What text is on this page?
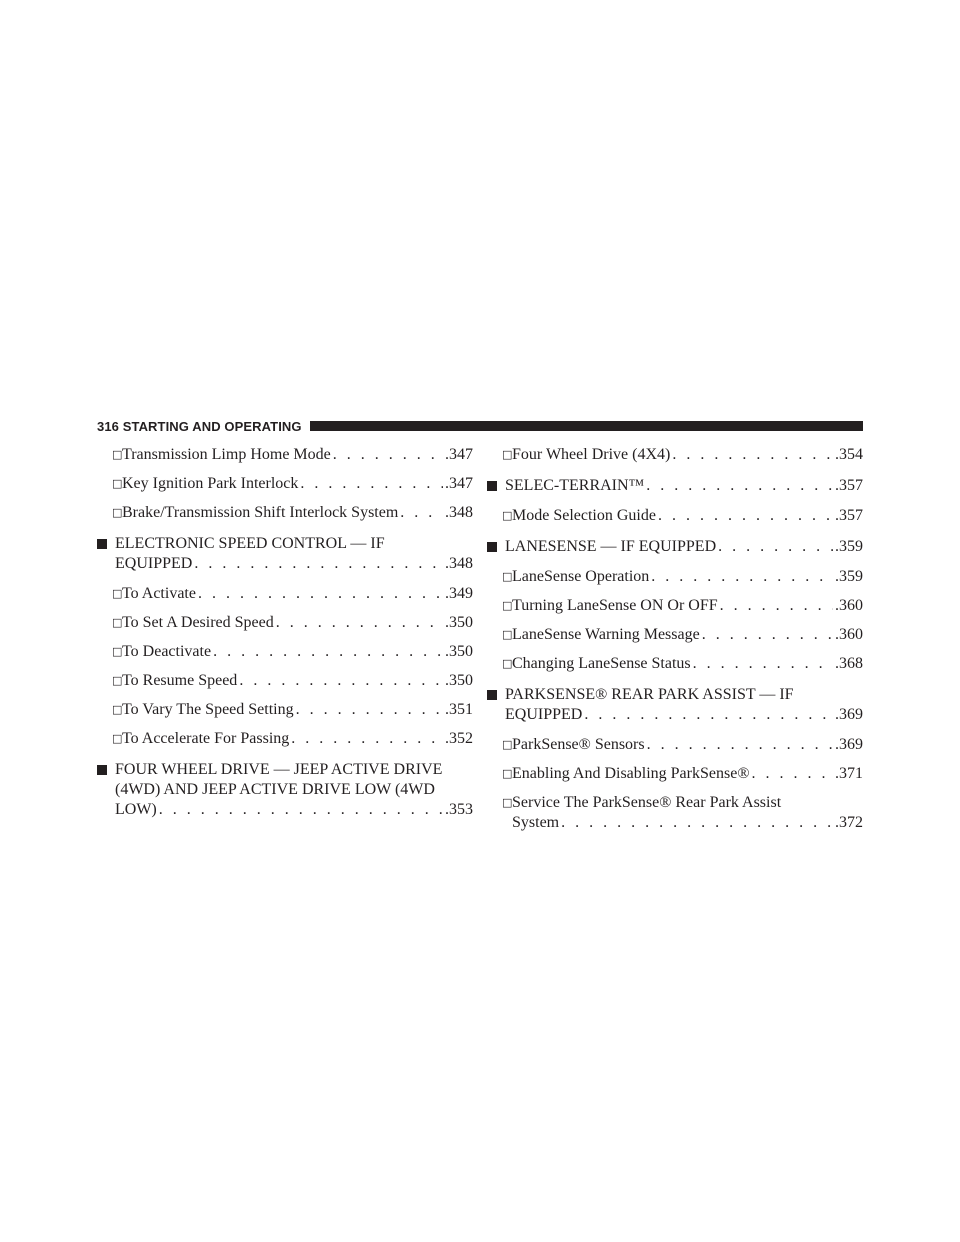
316 STARTING AND OPERATING
□ Transmission Limp Home Mode . . .	.347
□ Key Ignition Park Interlock . . .	.347
□ Brake/Transmission Shift Interlock System . . .	.348
ELECTRONIC SPEED CONTROL — IF
EQUIPPED . . .	.348
□ To Activate . . .	.349
□ To Set A Desired Speed . . .	.350
□ To Deactivate . . .	.350
□ To Resume Speed . . .	.350
□ To Vary The Speed Setting . . .	.351
□ To Accelerate For Passing . . .	.352
FOUR WHEEL DRIVE — JEEP ACTIVE DRIVE
(4WD) AND JEEP ACTIVE DRIVE LOW (4WD
LOW) . . .	.353
□ Four Wheel Drive (4X4) . . .	.354
SELEC-TERRAIN™ . . .	.357
□ Mode Selection Guide . . .	.357
LANESENSE — IF EQUIPPED . . .	.359
□ LaneSense Operation . . .	.359
□ Turning LaneSense ON Or OFF . . .	.360
□ LaneSense Warning Message . . .	.360
□ Changing LaneSense Status . . .	.368
PARKSENSE® REAR PARK ASSIST — IF
EQUIPPED . . .	.369
□ ParkSense® Sensors . . .	.369
□ Enabling And Disabling ParkSense® . . .	.371
□ Service The ParkSense® Rear Park Assist
System . . .	.372
